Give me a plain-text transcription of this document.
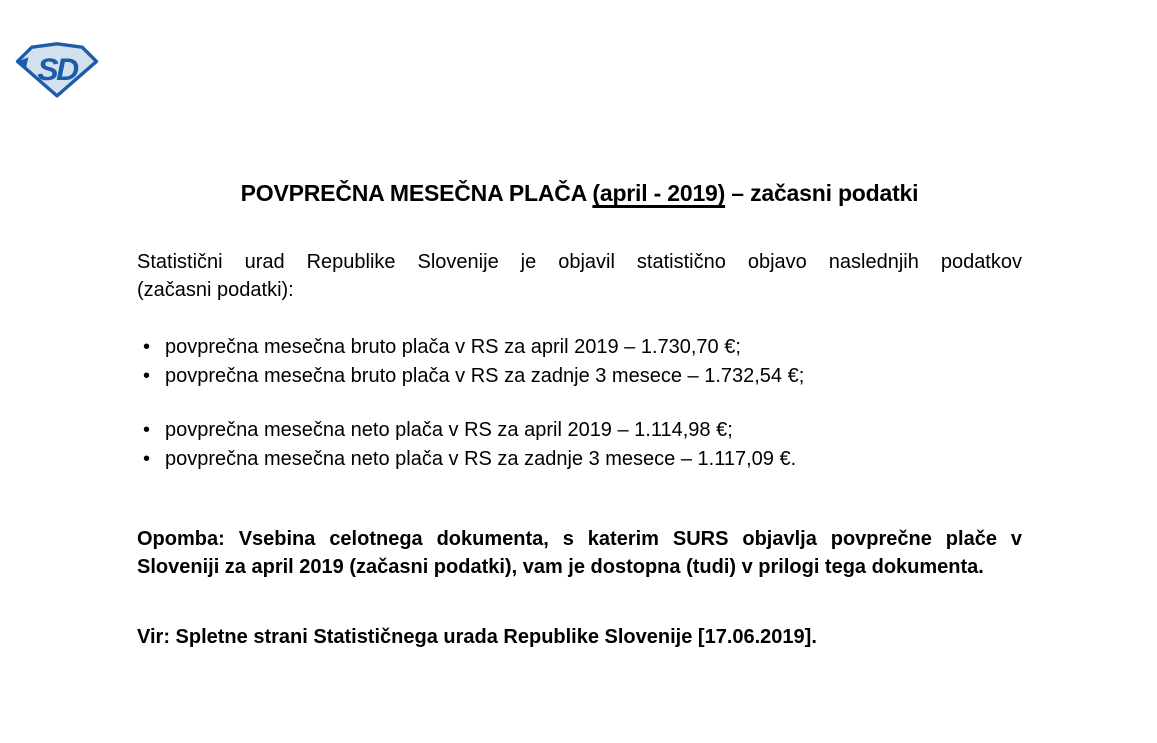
SD
POVPREČNA MESEČNA PLAČA (april - 2019) – začasni podatki

Statistični urad Republike Slovenije je objavil statistično objavo naslednjih podatkov
(začasni podatki):

• povprečna mesečna bruto plača v RS za april 2019 – 1.730,70 €;
• povprečna mesečna bruto plača v RS za zadnje 3 mesece – 1.732,54 €;
• povprečna mesečna neto plača v RS za april 2019 – 1.114,98 €;
• povprečna mesečna neto plača v RS za zadnje 3 mesece – 1.117,09 €.

Opomba: Vsebina celotnega dokumenta, s katerim SURS objavlja povprečne plače v
Sloveniji za april 2019 (začasni podatki), vam je dostopna (tudi) v prilogi tega dokumenta.

Vir: Spletne strani Statističnega urada Republike Slovenije [17.06.2019].
